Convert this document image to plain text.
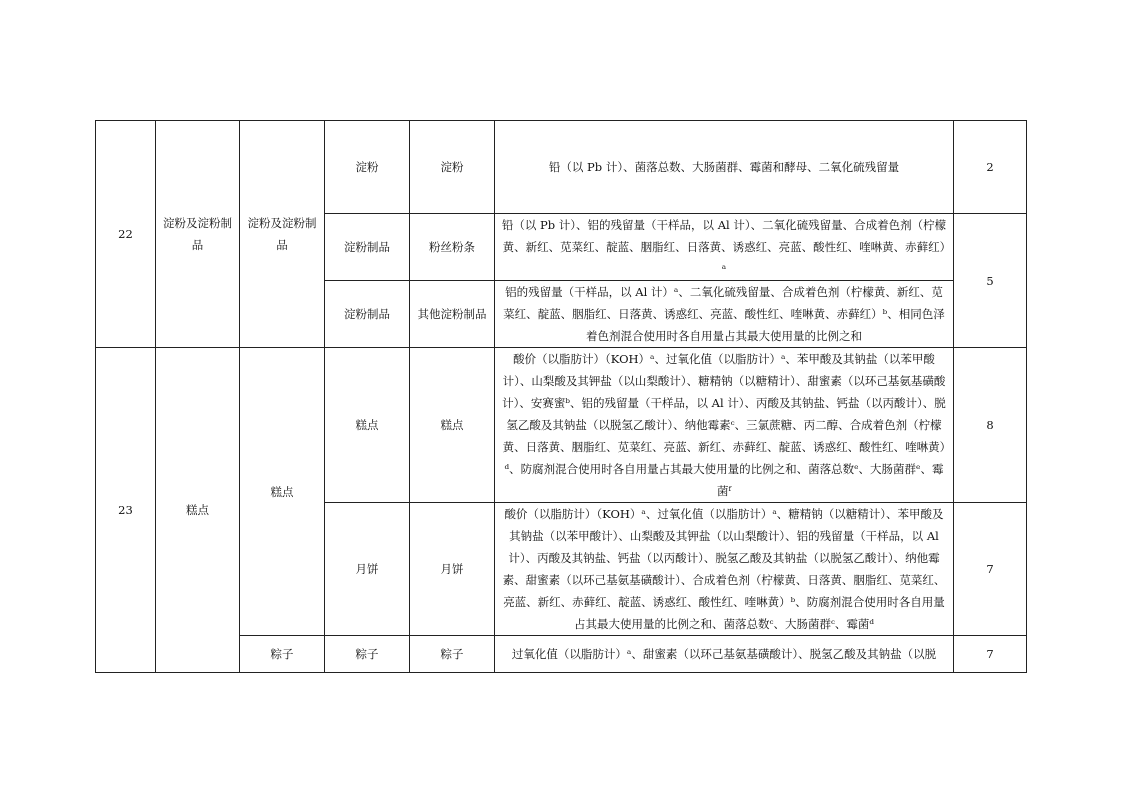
22	淀粉及淀粉制品	淀粉及淀粉制品	淀粉	淀粉	铅（以 Pb 计）、菌落总数、大肠菌群、霉菌和酵母、二氧化硫残留量	2
			淀粉制品	粉丝粉条	铅（以 Pb 计）、铝的残留量（干样品，以 Al 计）、二氧化硫残留量、合成着色剂（柠檬黄、新红、苋菜红、靛蓝、胭脂红、日落黄、诱惑红、亮蓝、酸性红、喹啉黄、赤藓红）ᵃ	5
			淀粉制品	其他淀粉制品	铝的残留量（干样品，以 Al 计）ᵃ、二氧化硫残留量、合成着色剂（柠檬黄、新红、苋菜红、靛蓝、胭脂红、日落黄、诱惑红、亮蓝、酸性红、喹啉黄、赤藓红）ᵇ、相同色泽着色剂混合使用时各自用量占其最大使用量的比例之和	
23	糕点	糕点	糕点	糕点	酸价（以脂肪计）（KOH）ᵃ、过氧化值（以脂肪计）ᵃ、苯甲酸及其钠盐（以苯甲酸计）、山梨酸及其钾盐（以山梨酸计）、糖精钠（以糖精计）、甜蜜素（以环己基氨基磺酸计）、安赛蜜ᵇ、铝的残留量（干样品，以 Al 计）、丙酸及其钠盐、钙盐（以丙酸计）、脱氢乙酸及其钠盐（以脱氢乙酸计）、纳他霉素ᶜ、三氯蔗糖、丙二醇、合成着色剂（柠檬黄、日落黄、胭脂红、苋菜红、亮蓝、新红、赤藓红、靛蓝、诱惑红、酸性红、喹啉黄）ᵈ、防腐剂混合使用时各自用量占其最大使用量的比例之和、菌落总数ᵉ、大肠菌群ᵉ、霉菌ᶠ	8
			月饼	月饼	酸价（以脂肪计）（KOH）ᵃ、过氧化值（以脂肪计）ᵃ、糖精钠（以糖精计）、苯甲酸及其钠盐（以苯甲酸计）、山梨酸及其钾盐（以山梨酸计）、铝的残留量（干样品，以 Al 计）、丙酸及其钠盐、钙盐（以丙酸计）、脱氢乙酸及其钠盐（以脱氢乙酸计）、纳他霉素、甜蜜素（以环己基氨基磺酸计）、合成着色剂（柠檬黄、日落黄、胭脂红、苋菜红、亮蓝、新红、赤藓红、靛蓝、诱惑红、酸性红、喹啉黄）ᵇ、防腐剂混合使用时各自用量占其最大使用量的比例之和、菌落总数ᶜ、大肠菌群ᶜ、霉菌ᵈ	7
		粽子	粽子	粽子	过氧化值（以脂肪计）ᵃ、甜蜜素（以环己基氨基磺酸计）、脱氢乙酸及其钠盐（以脱	7
